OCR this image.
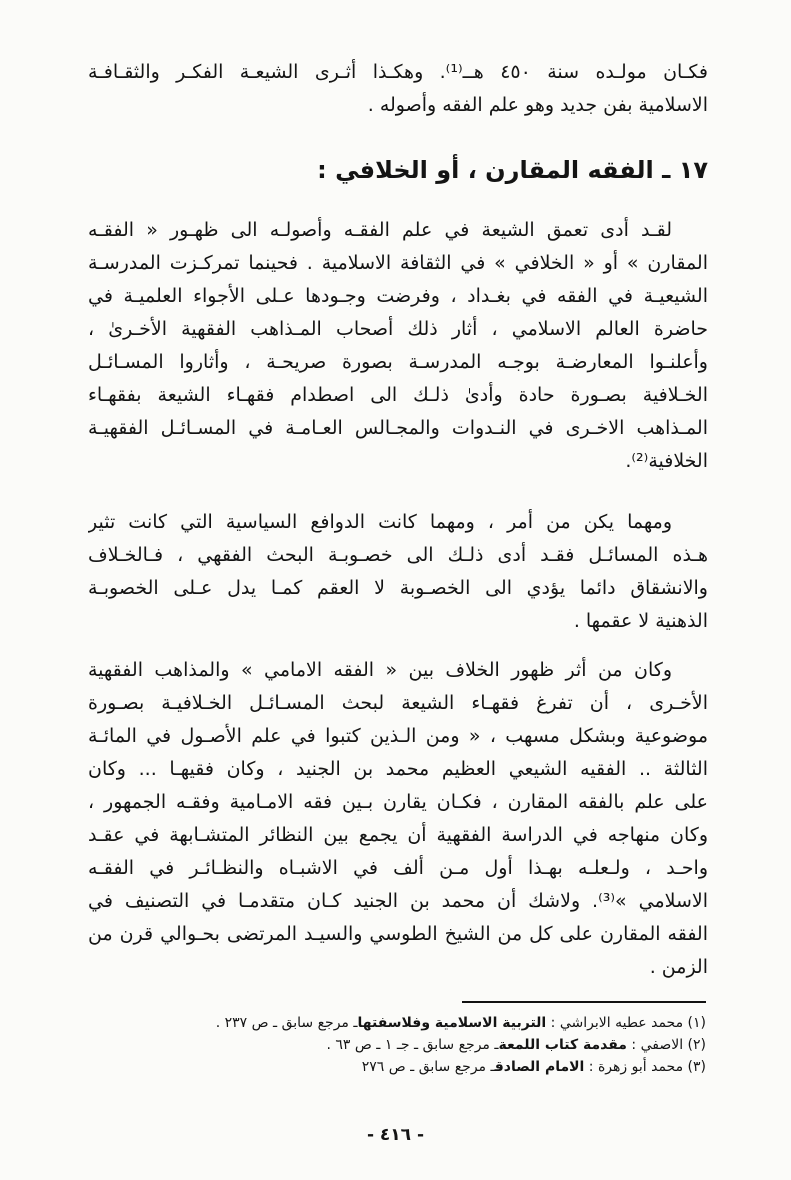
فكـان مولـده سنة ٤٥٠ هــ⁽¹⁾. وهكـذا أثـرى الشيعـة الفكـر والثقـافـة
الاسلامية بفن جديد وهو علم الفقه وأصوله .
١٧ ـ الفقه المقارن ، أو الخلافي :
لقـد أدى تعمق الشيعة في علم الفقـه وأصولـه الى ظهـور « الفقـه
المقارن » أو « الخلافي » في الثقافة الاسلامية . فحينما تمركـزت المدرسـة
الشيعيـة في الفقه في بغـداد ، وفرضت وجـودها عـلى الأجواء العلميـة في
حاضرة العالم الاسلامي ، أثار ذلك أصحاب المـذاهب الفقهية الأخـرىٰ ،
وأعلنـوا المعارضـة بوجـه المدرسـة بصورة صريحـة ، وأثاروا المسـائـل
الخـلافية بصـورة حادة وأدىٰ ذلـك الى اصطدام فقهـاء الشيعة بفقهـاء
المـذاهب الاخـرى في النـدوات والمجـالس العـامـة في المسـائـل الفقهيـة
الخلافية⁽²⁾.
ومهما يكن من أمر ، ومهما كانت الدوافع السياسية التي كانت تثير
هـذه المسائـل فقـد أدى ذلـك الى خصـوبـة البحث الفقهي ، فـالخـلاف
والانشقاق دائما يؤدي الى الخصـوبة لا العقم كمـا يدل عـلى الخصوبـة
الذهنية لا عقمها .
وكان من أثر ظهور الخلاف بين « الفقه الامامي » والمذاهب الفقهية
الأخـرى ، أن تفرغ فقهـاء الشيعة لبحث المسـائـل الخـلافيـة بصـورة
موضوعية وبشكل مسهب ، « ومن الـذين كتبوا في علم الأصـول في المائـة
الثالثة .. الفقيه الشيعي العظيم محمد بن الجنيد ، وكان فقيهـا ... وكان
على علم بالفقه المقارن ، فكـان يقارن بـين فقه الامـامية وفقـه الجمهور ،
وكان منهاجه في الدراسة الفقهية أن يجمع بين النظائر المتشـابهة في عقـد
واحـد ، ولـعلـه بهـذا أول مـن ألف في الاشبـاه والنظـائـر في الفقـه
الاسلامي »⁽³⁾. ولاشك أن محمد بن الجنيد كـان متقدمـا في التصنيف في
الفقه المقارن على كل من الشيخ الطوسي والسيـد المرتضى بحـوالي قرن من
الزمن .
(١) محمد عطيه الابراشي : التربية الاسلامية وفلاسفتهاـ مرجع سابق ـ ص ٢٣٧ .
(٢) الاصفي : مقدمة كتاب اللمعةـ مرجع سابق ـ جـ ١ ـ ص ٦٣ .
(٣) محمد أبو زهرة : الامام الصادقـ مرجع سابق ـ ص ٢٧٦
- ٤١٦ -
